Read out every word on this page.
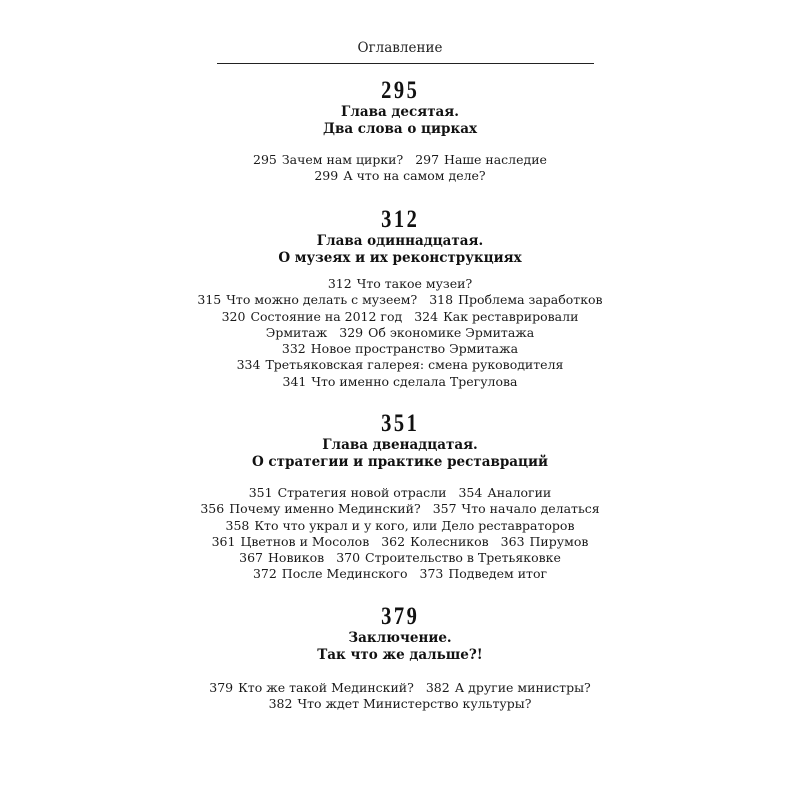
Оглавление
295
Глава десятая.
Два слова о цирках
295 Зачем нам цирки? 297 Наше наследие
299 А что на самом деле?
312
Глава одиннадцатая.
О музеях и их реконструкциях
312 Что такое музеи?
315 Что можно делать с музеем? 318 Проблема заработков
320 Состояние на 2012 год 324 Как реставрировали
Эрмитаж 329 Об экономике Эрмитажа
332 Новое пространство Эрмитажа
334 Третьяковская галерея: смена руководителя
341 Что именно сделала Трегулова
351
Глава двенадцатая.
О стратегии и практике реставраций
351 Стратегия новой отрасли 354 Аналогии
356 Почему именно Мединский? 357 Что начало делаться
358 Кто что украл и у кого, или Дело реставраторов
361 Цветнов и Мосолов 362 Колесников 363 Пирумов
367 Новиков 370 Строительство в Третьяковке
372 После Мединского 373 Подведем итог
379
Заключение.
Так что же дальше?!
379 Кто же такой Мединский? 382 А другие министры?
382 Что ждет Министерство культуры?
